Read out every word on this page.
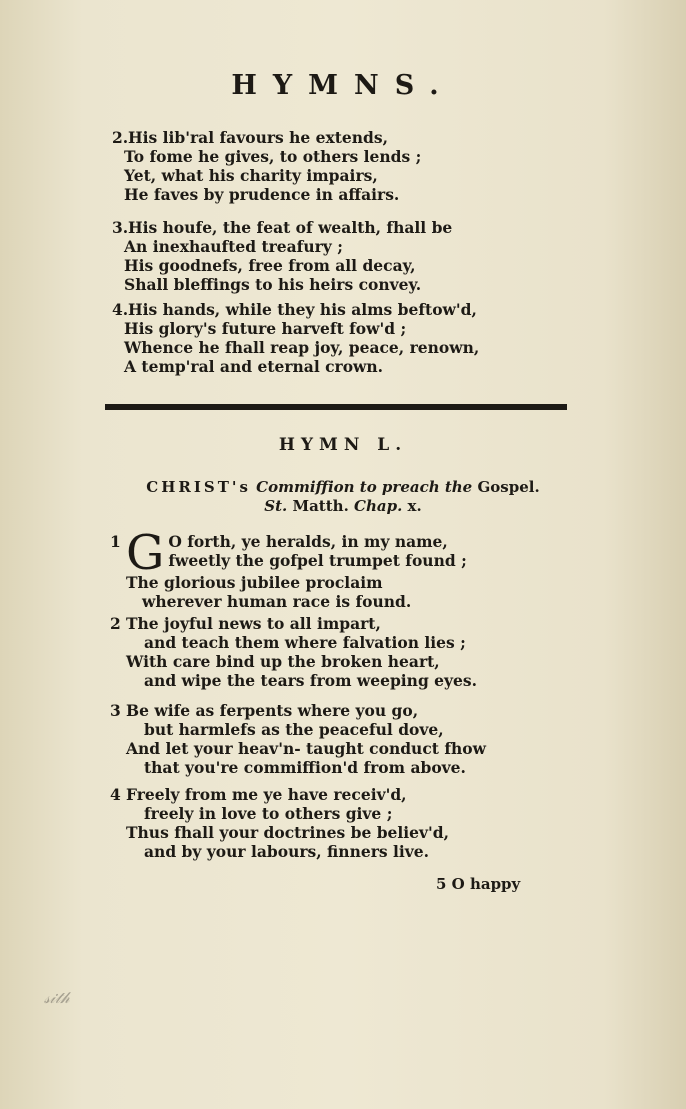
HYMNS.
2.His lib'ral favours he extends,
To fome he gives, to others lends ;
Yet, what his charity impairs,
He faves by prudence in affairs.
3.His houfe, the feat of wealth, fhall be
An inexhaufted treafury ;
His goodnefs, free from all decay,
Shall bleffings to his heirs convey.
4.His hands, while they his alms beftow'd,
His glory's future harveft fow'd ;
Whence he fhall reap joy, peace, renown,
A temp'ral and eternal crown.
HYMN L.
CHRIST's Commiffion to preach the Gospel.
St. Matth. Chap. x.
1 G O forth, ye heralds, in my name,
fweetly the gofpel trumpet found ;
The glorious jubilee proclaim
wherever human race is found.
2 The joyful news to all impart,
and teach them where falvation lies ;
With care bind up the broken heart,
and wipe the tears from weeping eyes.
3 Be wife as ferpents where you go,
but harmlefs as the peaceful dove,
And let your heav'n- taught conduct fhow
that you're commiffion'd from above.
4 Freely from me ye have receiv'd,
freely in love to others give ;
Thus fhall your doctrines be believ'd,
and by your labours, finners live.
5 O happy
𝓈𝒾𝓉𝒽
